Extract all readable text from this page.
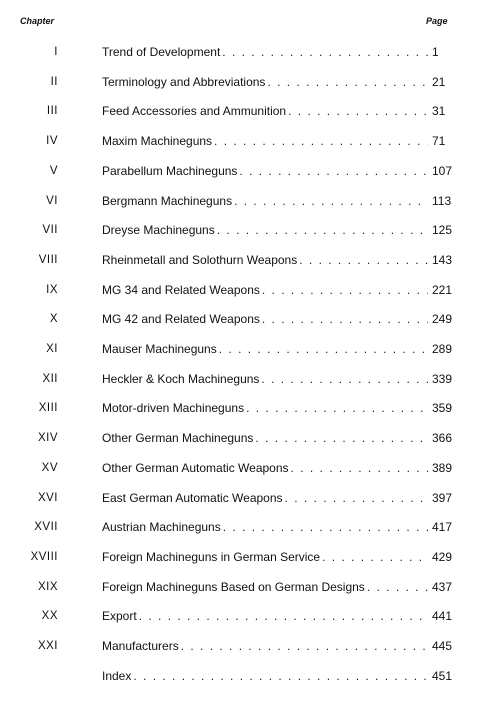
Chapter	Page
I	Trend of Development . . .	1
II	Terminology and Abbreviations . . .	21
III	Feed Accessories and Ammunition . . .	31
IV	Maxim Machineguns . . .	71
V	Parabellum Machineguns . . .	107
VI	Bergmann Machineguns . . .	113
VII	Dreyse Machineguns . . .	125
VIII	Rheinmetall and Solothurn Weapons . . .	143
IX	MG 34 and Related Weapons . . .	221
X	MG 42 and Related Weapons . . .	249
XI	Mauser Machineguns . . .	289
XII	Heckler & Koch Machineguns . . .	339
XIII	Motor-driven Machineguns . . .	359
XIV	Other German Machineguns . . .	366
XV	Other German Automatic Weapons . . .	389
XVI	East German Automatic Weapons . . .	397
XVII	Austrian Machineguns . . .	417
XVIII	Foreign Machineguns in German Service . . .	429
XIX	Foreign Machineguns Based on German Designs . . .	437
XX	Export . . .	441
XXI	Manufacturers . . .	445
Index . . .	451
